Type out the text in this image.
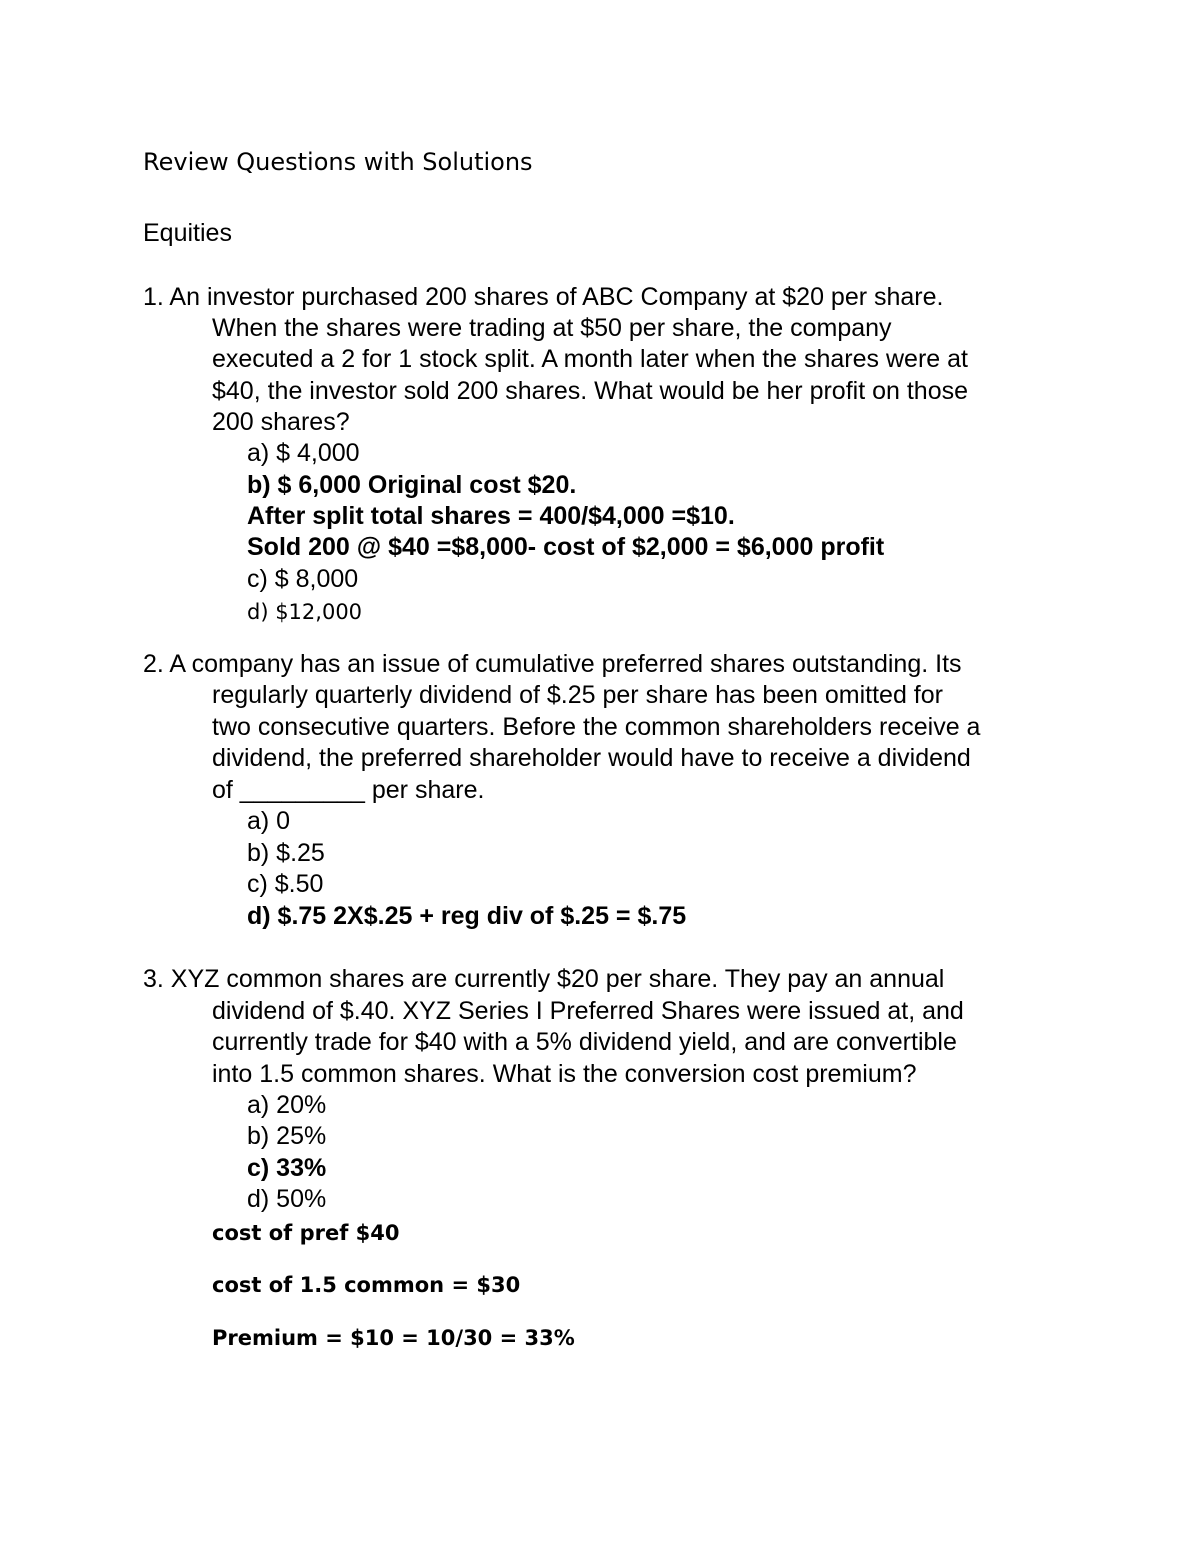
Review Questions with Solutions
Equities
1. An investor purchased 200 shares of ABC Company at $20 per share.
When the shares were trading at $50 per share, the company
executed a 2 for 1 stock split. A month later when the shares were at
$40, the investor sold 200 shares. What would be her profit on those
200 shares?
a) $ 4,000
b) $ 6,000 Original cost $20.
After split total shares = 400/$4,000 =$10.
Sold 200 @ $40 =$8,000- cost of $2,000 = $6,000 profit
c) $ 8,000
d) $12,000
2. A company has an issue of cumulative preferred shares outstanding. Its
regularly quarterly dividend of $.25 per share has been omitted for
two consecutive quarters. Before the common shareholders receive a
dividend, the preferred shareholder would have to receive a dividend
of _________ per share.
a) 0
b) $.25
c) $.50
d) $.75 2X$.25 + reg div of $.25 = $.75
3. XYZ common shares are currently $20 per share. They pay an annual
dividend of $.40. XYZ Series I Preferred Shares were issued at, and
currently trade for $40 with a 5% dividend yield, and are convertible
into 1.5 common shares. What is the conversion cost premium?
a) 20%
b) 25%
c) 33%
d) 50%
cost of pref $40
cost of 1.5 common = $30
Premium = $10 = 10/30 = 33%
